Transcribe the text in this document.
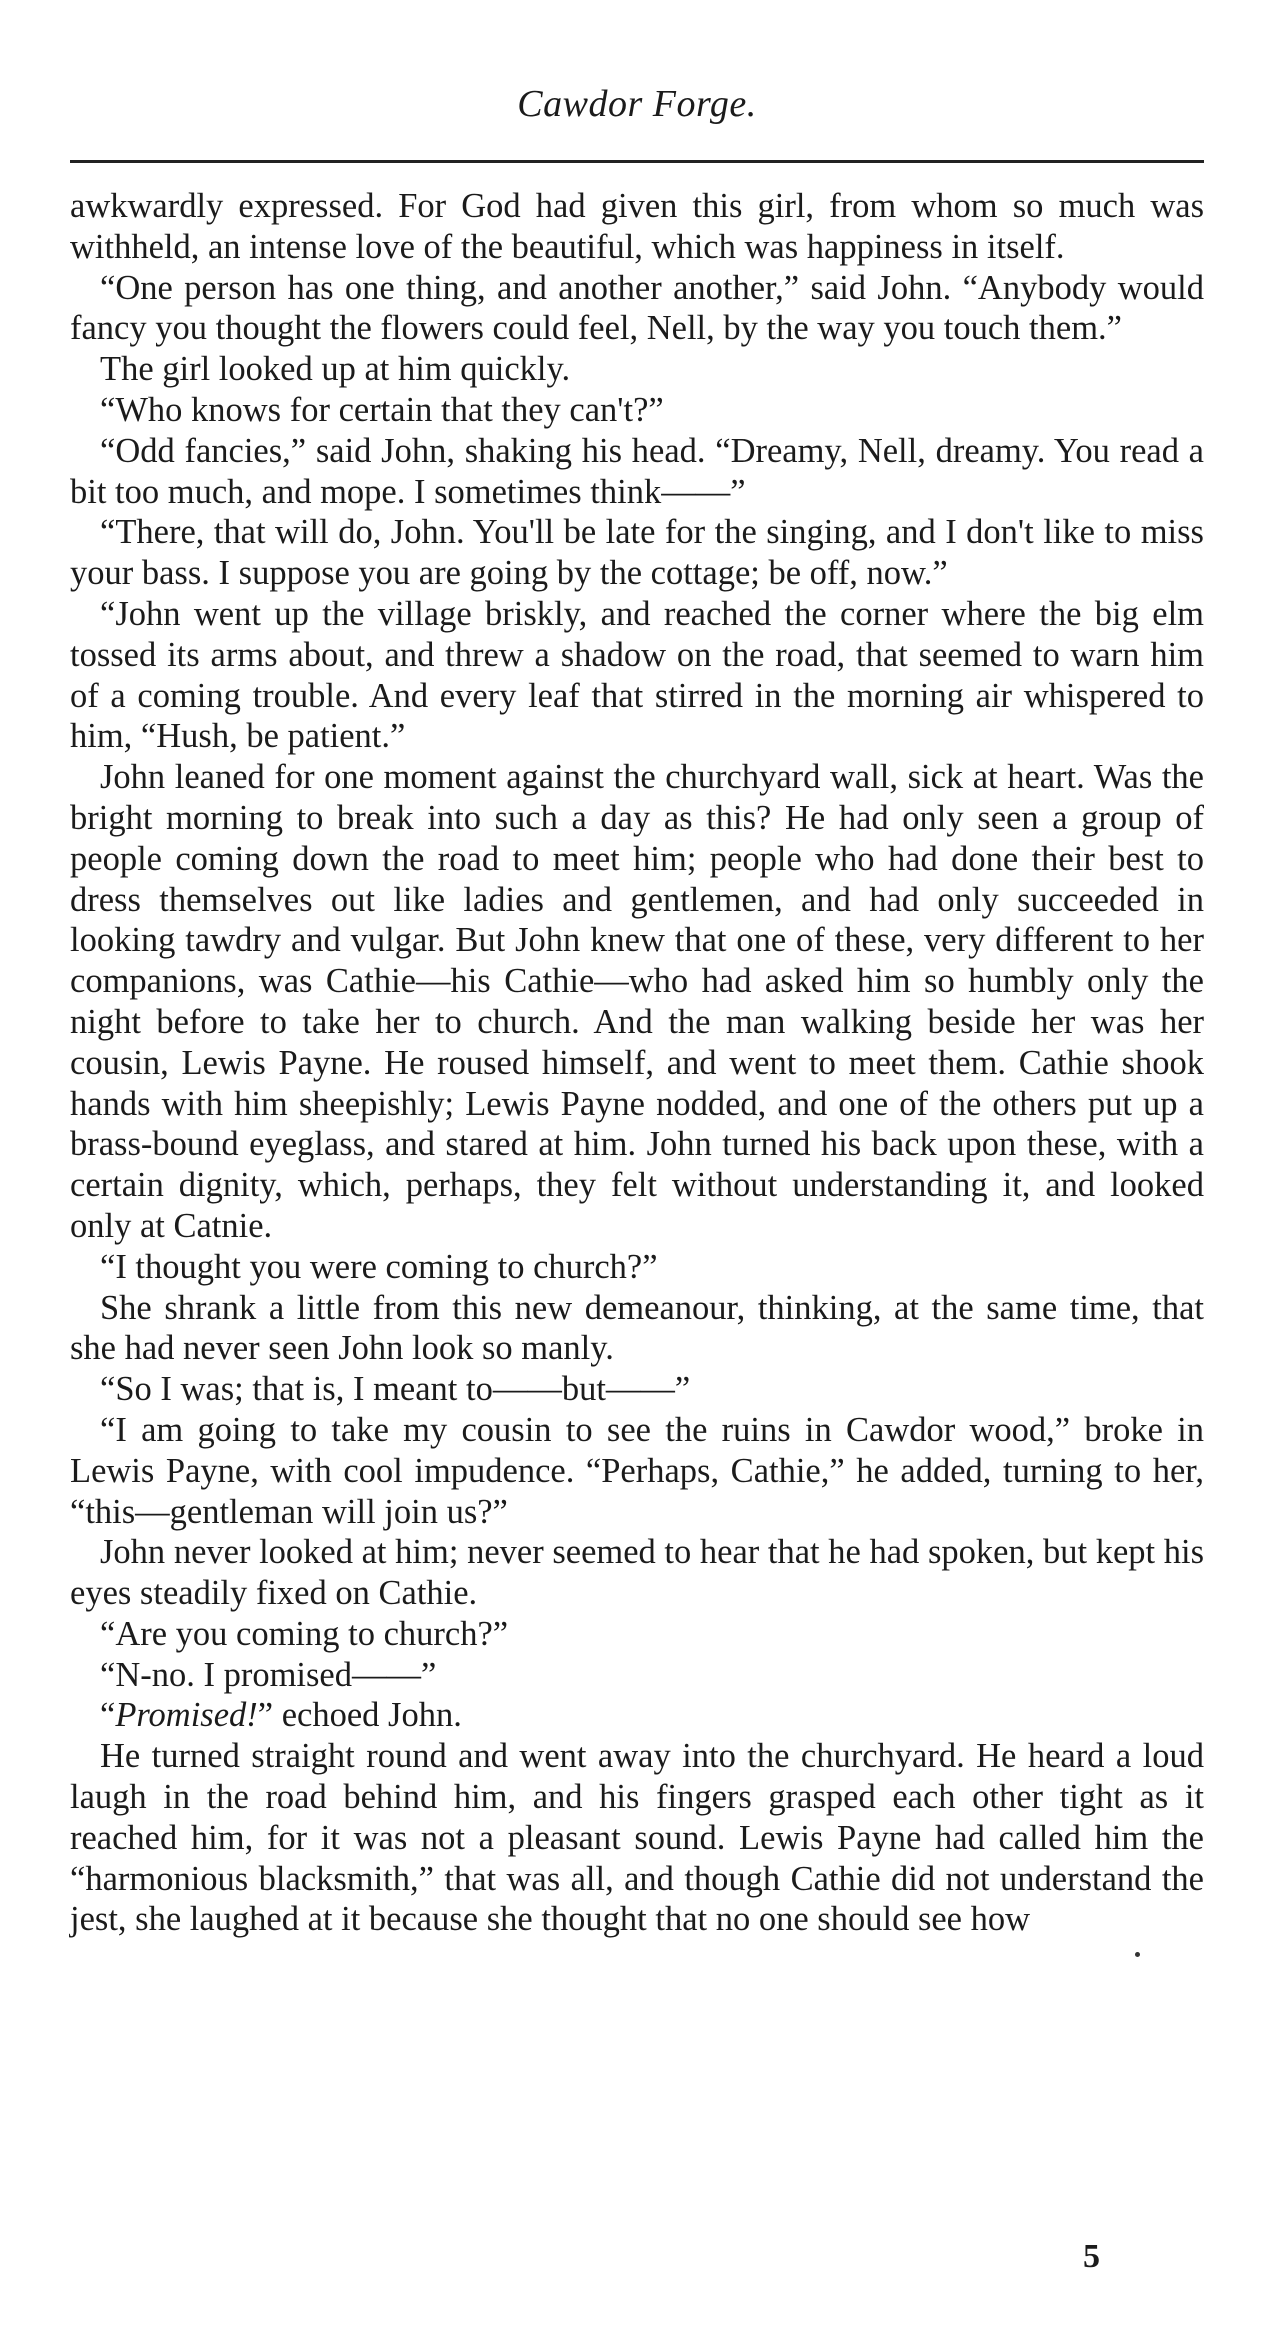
Cawdor Forge.

awkwardly expressed. For God had given this girl, from whom so much was withheld, an intense love of the beautiful, which was happiness in itself.

“One person has one thing, and another another,” said John. “Anybody would fancy you thought the flowers could feel, Nell, by the way you touch them.”

The girl looked up at him quickly.

“Who knows for certain that they can't?”

“Odd fancies,” said John, shaking his head. “Dreamy, Nell, dreamy. You read a bit too much, and mope. I sometimes think——”

“There, that will do, John. You'll be late for the singing, and I don't like to miss your bass. I suppose you are going by the cottage; be off, now.”

“John went up the village briskly, and reached the corner where the big elm tossed its arms about, and threw a shadow on the road, that seemed to warn him of a coming trouble. And every leaf that stirred in the morning air whispered to him, “Hush, be patient.”

John leaned for one moment against the churchyard wall, sick at heart. Was the bright morning to break into such a day as this? He had only seen a group of people coming down the road to meet him; people who had done their best to dress themselves out like ladies and gentlemen, and had only succeeded in looking tawdry and vulgar. But John knew that one of these, very different to her companions, was Cathie—his Cathie—who had asked him so humbly only the night before to take her to church. And the man walking beside her was her cousin, Lewis Payne. He roused himself, and went to meet them. Cathie shook hands with him sheepishly; Lewis Payne nodded, and one of the others put up a brass-bound eyeglass, and stared at him. John turned his back upon these, with a certain dignity, which, perhaps, they felt without understanding it, and looked only at Catnie.

“I thought you were coming to church?”

She shrank a little from this new demeanour, thinking, at the same time, that she had never seen John look so manly.

“So I was; that is, I meant to——but——”

“I am going to take my cousin to see the ruins in Cawdor wood,” broke in Lewis Payne, with cool impudence. “Perhaps, Cathie,” he added, turning to her, “this—gentleman will join us?”

John never looked at him; never seemed to hear that he had spoken, but kept his eyes steadily fixed on Cathie.

“Are you coming to church?”

“N-no. I promised——”

“Promised!” echoed John.

He turned straight round and went away into the churchyard. He heard a loud laugh in the road behind him, and his fingers grasped each other tight as it reached him, for it was not a pleasant sound. Lewis Payne had called him the “harmonious blacksmith,” that was all, and though Cathie did not understand the jest, she laughed at it because she thought that no one should see how

5
